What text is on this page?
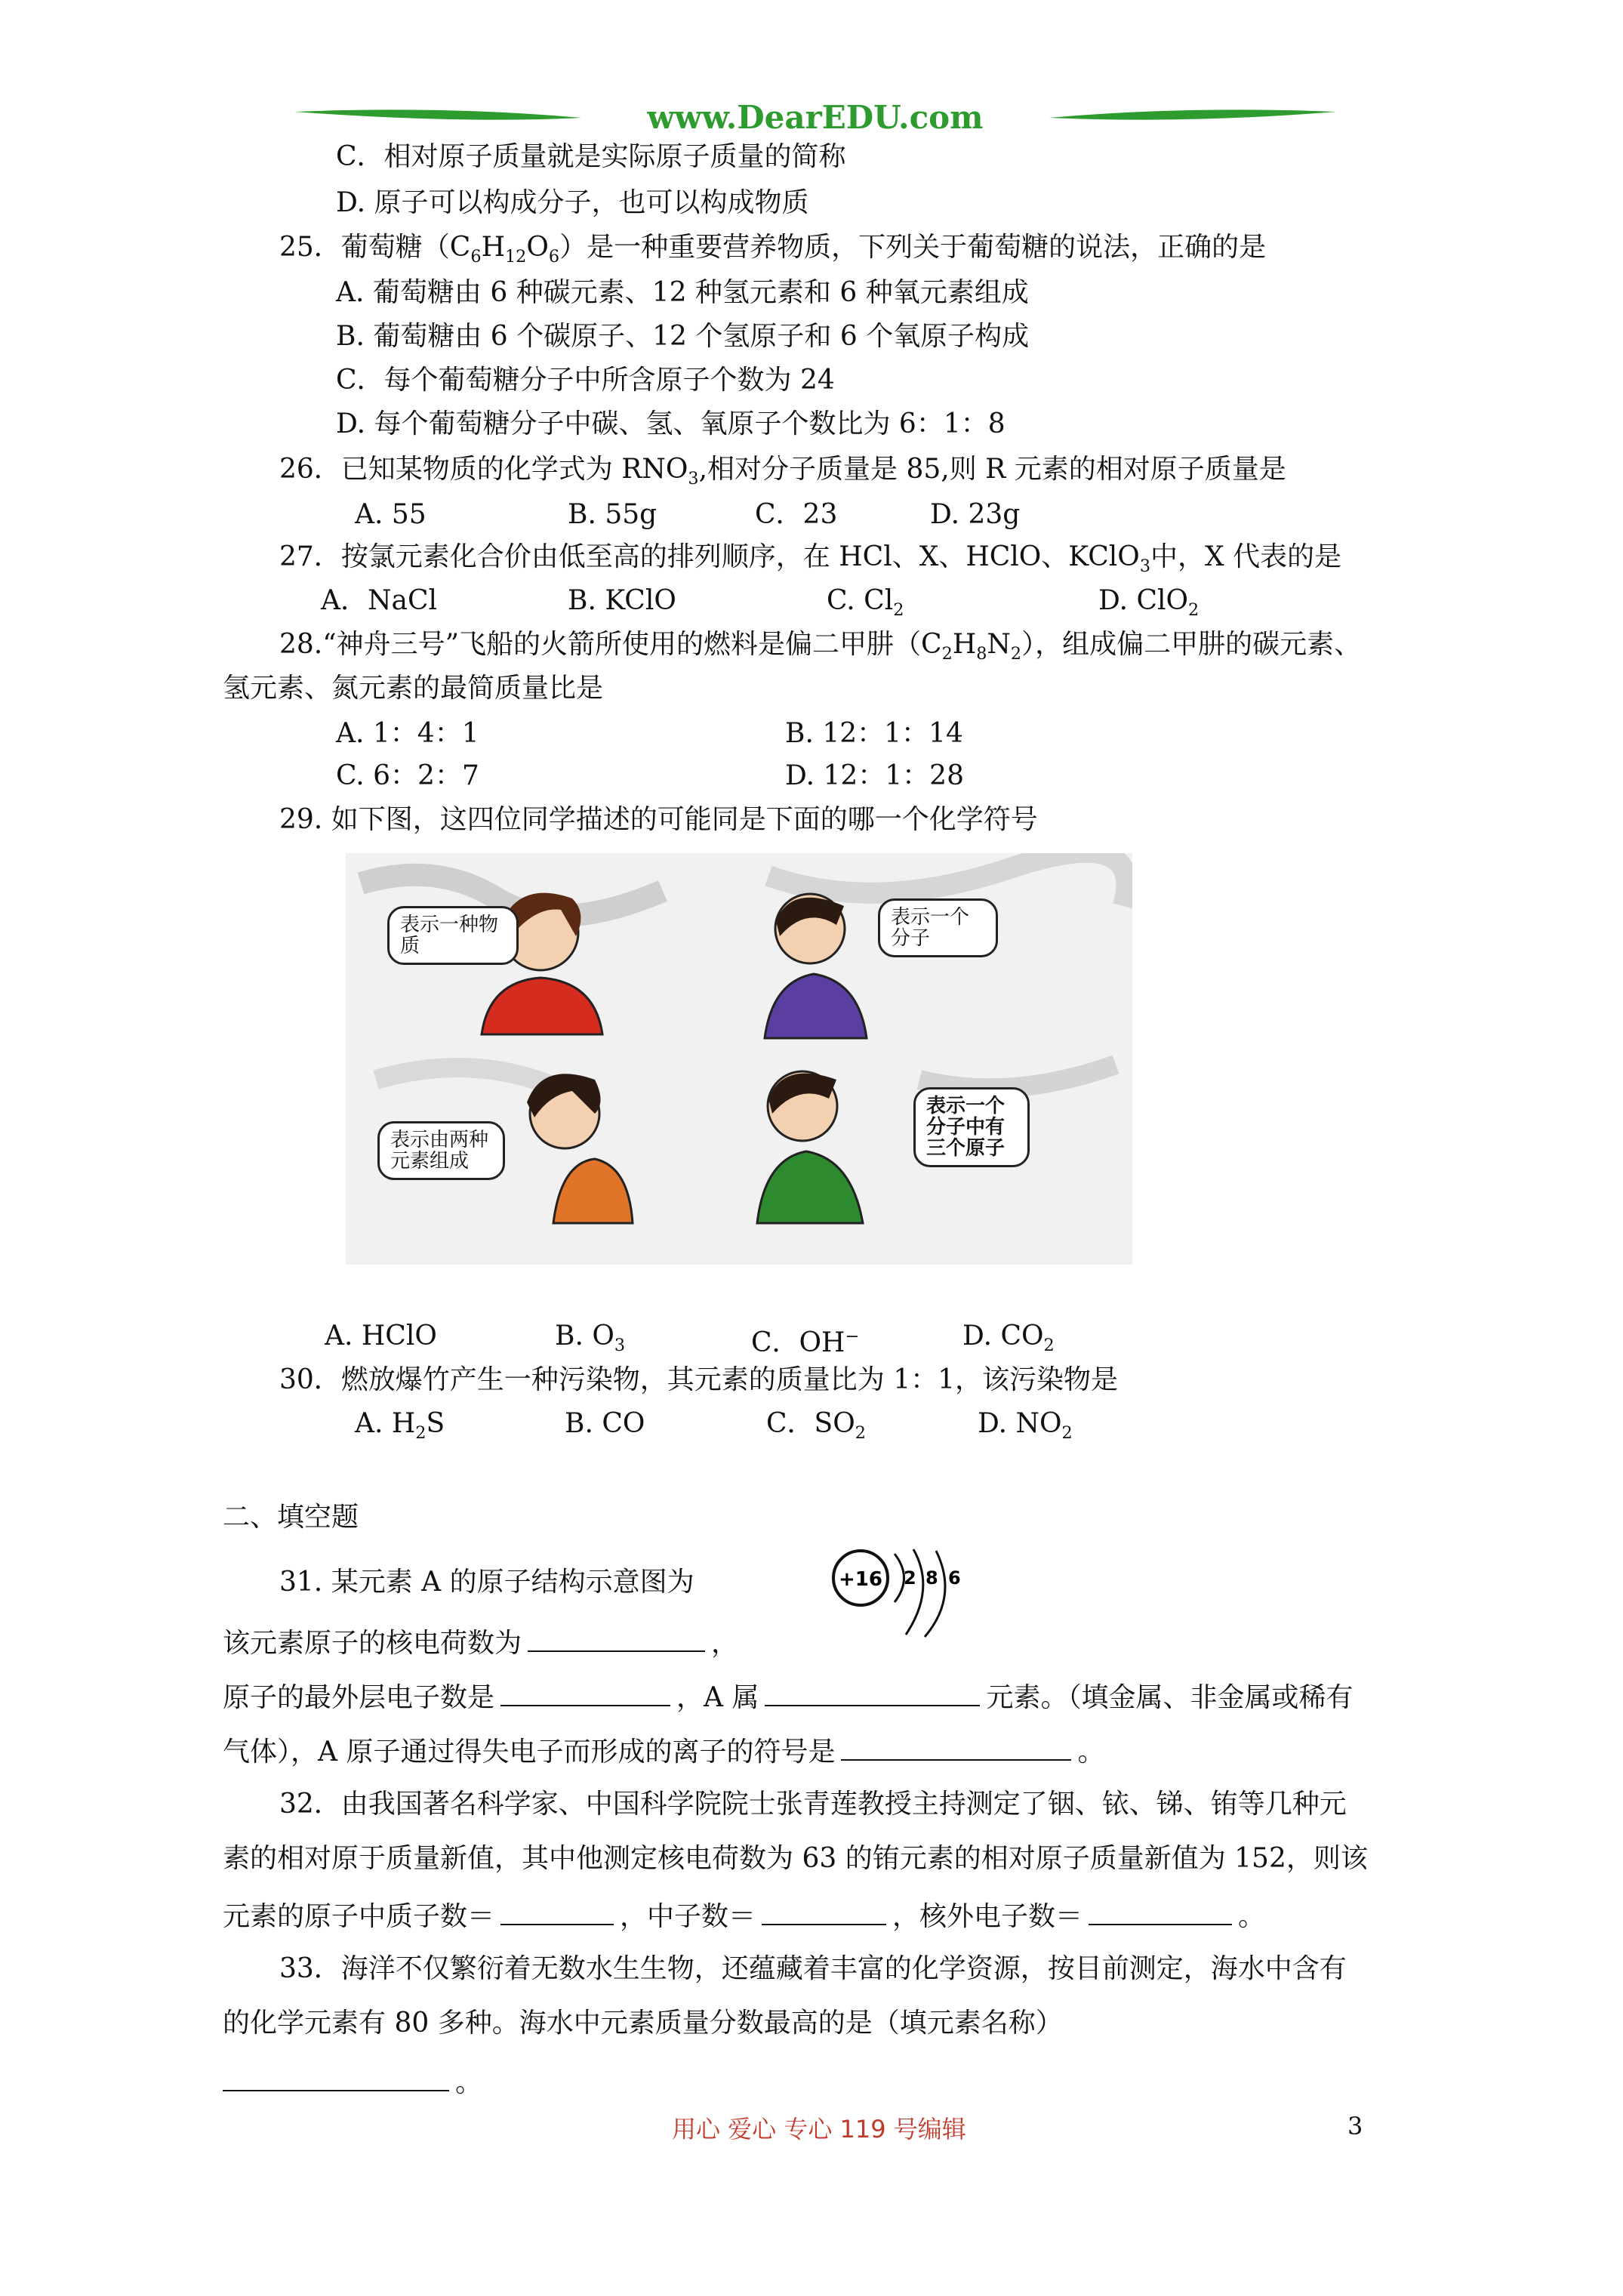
www.DearEDU.com
C．相对原子质量就是实际原子质量的简称
D. 原子可以构成分子，也可以构成物质
25．葡萄糖$(C_6H_{12}O_6)$是一种重要营养物质，下列关于葡萄糖的说法，正确的是
A. 葡萄糖由 6 种碳元素、12 种氢元素和 6 种氧元素组成
B. 葡萄糖由 6 个碳原子、12 个氢原子和 6 个氧原子构成
C．每个葡萄糖分子中所含原子个数为 24
D. 每个葡萄糖分子中碳、氢、氧原子个数比为 6：1：8
26．已知某物质的化学式为 $RNO_3$,相对分子质量是 85,则 R 元素的相对原子质量是
A. 55	B. 55g	C．23	D. 23g
27．按氯元素化合价由低至高的排列顺序，在 HCl、X、HClO、KClO$_3$中，X 代表的是
A．NaCl	B. KClO	C. $Cl_2$	D. ClO$_2$
28.“神舟三号”飞船的火箭所使用的燃料是偏二甲肼$(C_2H_8N_2)$，组成偏二甲肼的碳元素、
氢元素、氮元素的最简质量比是
A. 1：4：1	B. 12：1：14
C. 6：2：7	D. 12：1：28
29. 如下图，这四位同学描述的可能同是下面的哪一个化学符号
表示一种物质
表示一个分子
表示由两种元素组成
表示一个分子中有三个原子
A. HClO	B. $O_3$	C．OH−	D. $CO_2$
30．燃放爆竹产生一种污染物，其元素的质量比为 1：1，该污染物是
A. $H_2S$	B. CO	C．$SO_2$	D. $NO_2$
二、填空题
31. 某元素 A 的原子结构示意图为	+16 2 8 6
该元素原子的核电荷数为	，
原子的最外层电子数是	，A 属	元素。（填金属、非金属或稀有
气体），A 原子通过得失电子而形成的离子的符号是	。
32．由我国著名科学家、中国科学院院士张青莲教授主持测定了铟、铱、锑、铕等几种元
素的相对原于质量新值，其中他测定核电荷数为 63 的铕元素的相对原子质量新值为 152，则该
元素的原子中质子数＝	，中子数＝	，核外电子数＝	。
33．海洋不仅繁衍着无数水生生物，还蕴藏着丰富的化学资源，按目前测定，海水中含有
的化学元素有 80 多种。海水中元素质量分数最高的是（填元素名称）
。
用心 爱心 专心 119 号编辑	3
